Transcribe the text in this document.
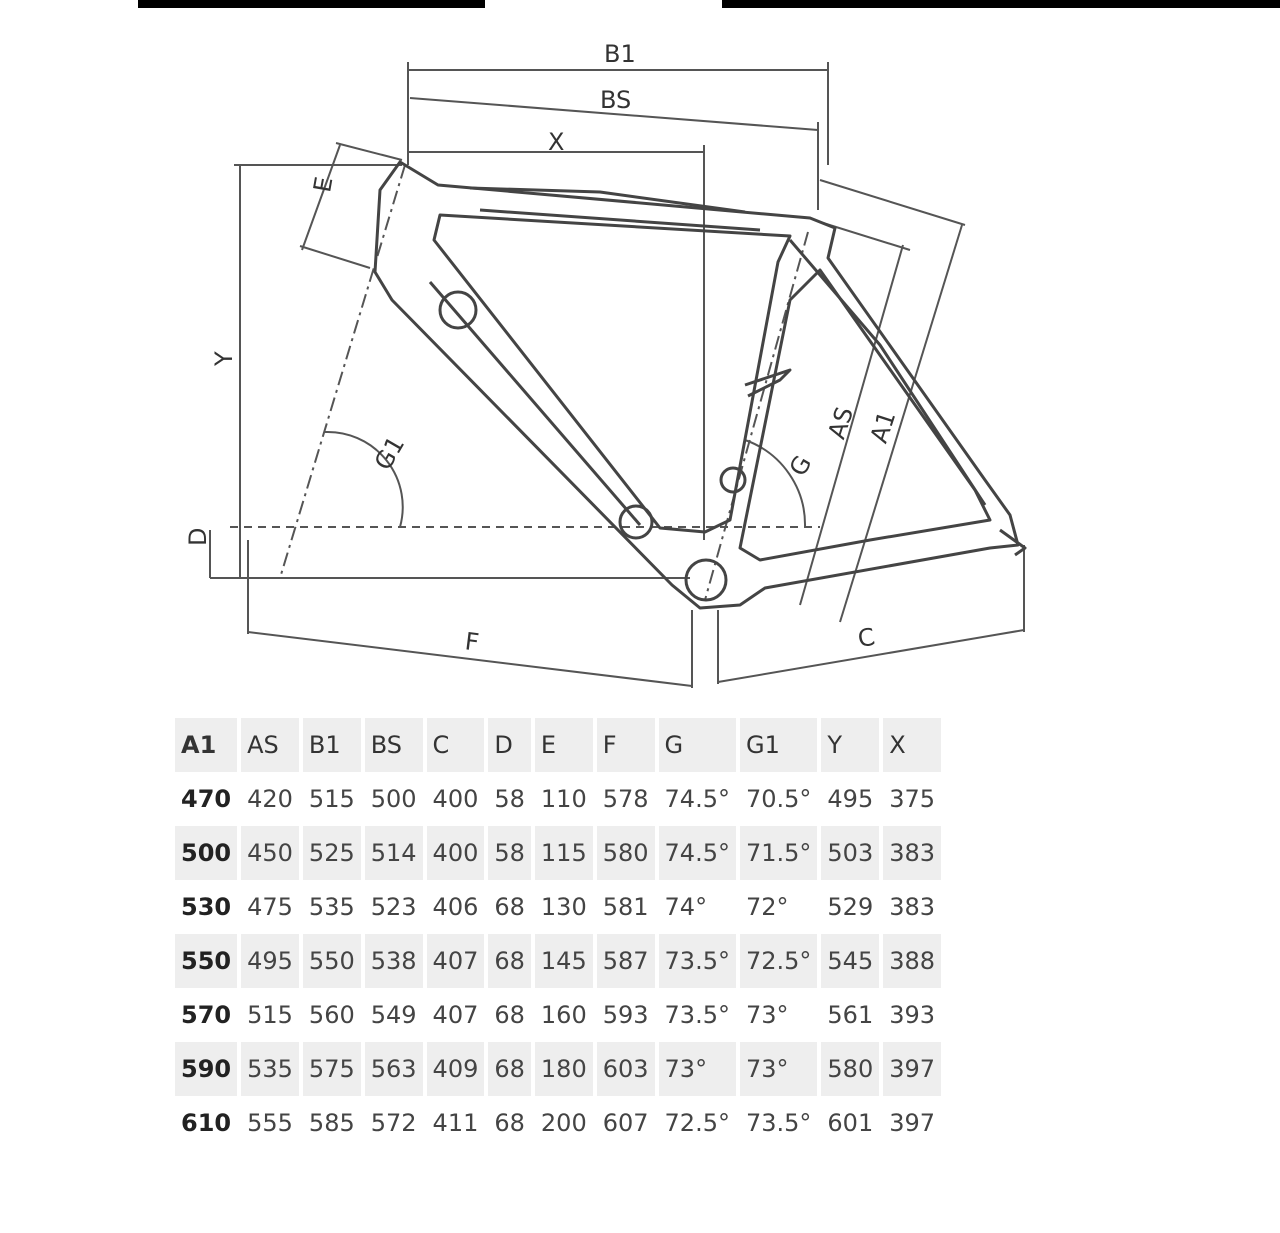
B1
BS
X
E
Y
G1
D
F
AS A1
G
C
A1	AS	B1	BS	C	D	E	F	G	G1	Y	X
470	420	515	500	400	58	110	578	74.5°	70.5°	495	375
500	450	525	514	400	58	115	580	74.5°	71.5°	503	383
530	475	535	523	406	68	130	581	74°	72°	529	383
550	495	550	538	407	68	145	587	73.5°	72.5°	545	388
570	515	560	549	407	68	160	593	73.5°	73°	561	393
590	535	575	563	409	68	180	603	73°	73°	580	397
610	555	585	572	411	68	200	607	72.5°	73.5°	601	397
